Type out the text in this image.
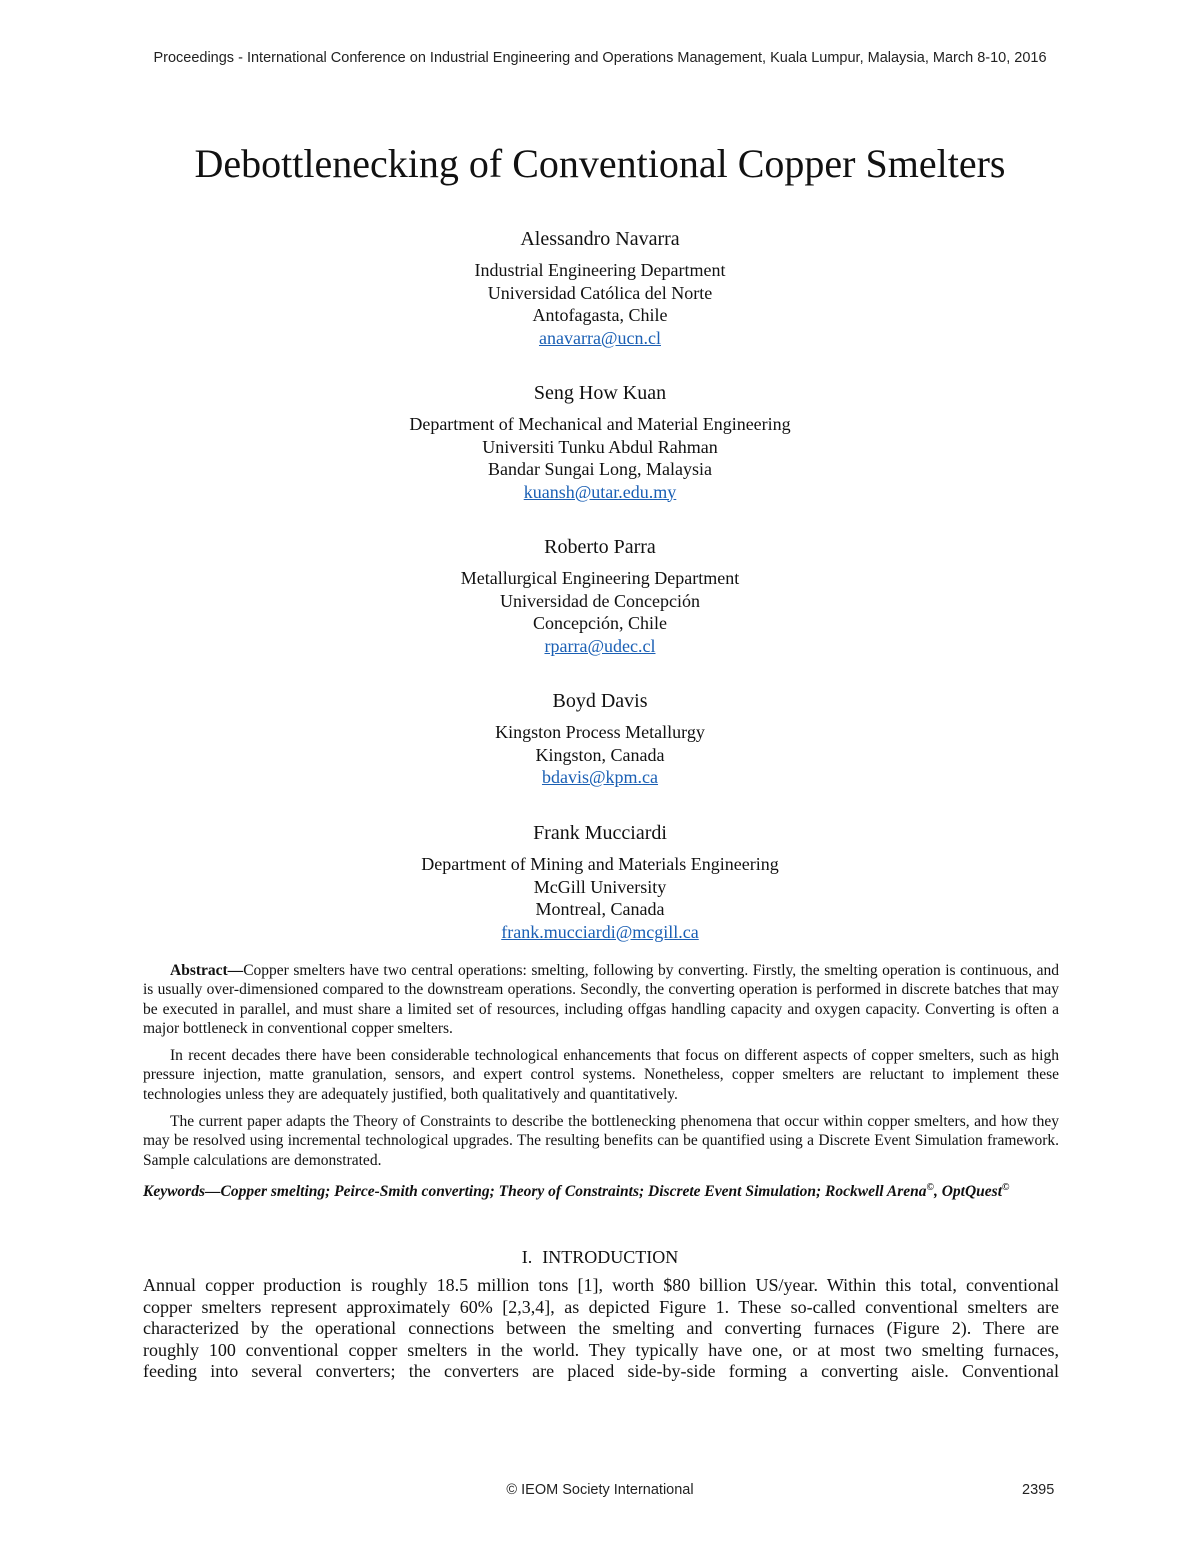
Proceedings - International Conference on Industrial Engineering and Operations Management, Kuala Lumpur, Malaysia, March 8-10, 2016
Debottlenecking of Conventional Copper Smelters
Alessandro Navarra
Industrial Engineering Department
Universidad Católica del Norte
Antofagasta, Chile
anavarra@ucn.cl
Seng How Kuan
Department of Mechanical and Material Engineering
Universiti Tunku Abdul Rahman
Bandar Sungai Long, Malaysia
kuansh@utar.edu.my
Roberto Parra
Metallurgical Engineering Department
Universidad de Concepción
Concepción, Chile
rparra@udec.cl
Boyd Davis
Kingston Process Metallurgy
Kingston, Canada
bdavis@kpm.ca
Frank Mucciardi
Department of Mining and Materials Engineering
McGill University
Montreal, Canada
frank.mucciardi@mcgill.ca

Abstract—Copper smelters have two central operations: smelting, following by converting. Firstly, the smelting operation is continuous, and is usually over-dimensioned compared to the downstream operations. Secondly, the converting operation is performed in discrete batches that may be executed in parallel, and must share a limited set of resources, including offgas handling capacity and oxygen capacity. Converting is often a major bottleneck in conventional copper smelters.

In recent decades there have been considerable technological enhancements that focus on different aspects of copper smelters, such as high pressure injection, matte granulation, sensors, and expert control systems. Nonetheless, copper smelters are reluctant to implement these technologies unless they are adequately justified, both qualitatively and quantitatively.

The current paper adapts the Theory of Constraints to describe the bottlenecking phenomena that occur within copper smelters, and how they may be resolved using incremental technological upgrades. The resulting benefits can be quantified using a Discrete Event Simulation framework. Sample calculations are demonstrated.

Keywords—Copper smelting; Peirce-Smith converting; Theory of Constraints; Discrete Event Simulation; Rockwell Arena©, OptQuest©
I. INTRODUCTION

Annual copper production is roughly 18.5 million tons [1], worth $80 billion US/year. Within this total, conventional

copper smelters represent approximately 60% [2,3,4], as depicted Figure 1. These so-called conventional smelters are

characterized by the operational connections between the smelting and converting furnaces (Figure 2). There are

roughly 100 conventional copper smelters in the world. They typically have one, or at most two smelting furnaces,

feeding into several converters; the converters are placed side-by-side forming a converting aisle. Conventional

© IEOM Society International	2395
